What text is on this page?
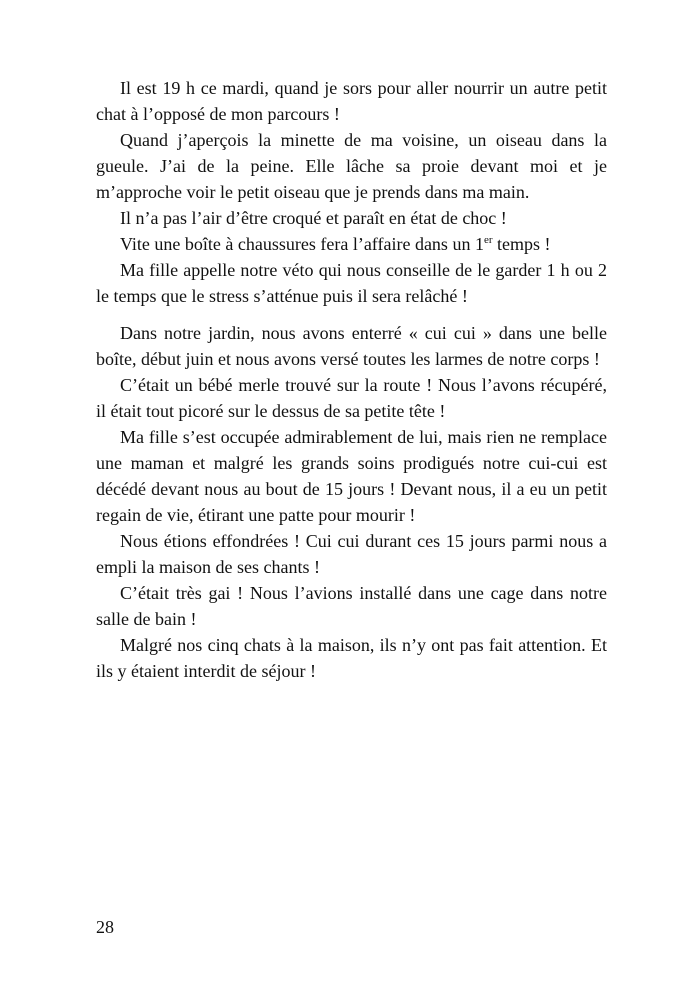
Il est 19 h ce mardi, quand je sors pour aller nourrir un autre petit chat à l’opposé de mon parcours !

Quand j’aperçois la minette de ma voisine, un oiseau dans la gueule. J’ai de la peine. Elle lâche sa proie devant moi et je m’approche voir le petit oiseau que je prends dans ma main.

Il n’a pas l’air d’être croqué et paraît en état de choc !

Vite une boîte à chaussures fera l’affaire dans un 1er temps !

Ma fille appelle notre véto qui nous conseille de le garder 1 h ou 2 le temps que le stress s’atténue puis il sera relâché !

Dans notre jardin, nous avons enterré « cui cui » dans une belle boîte, début juin et nous avons versé toutes les larmes de notre corps !

C’était un bébé merle trouvé sur la route ! Nous l’avons récupéré, il était tout picoré sur le dessus de sa petite tête !

Ma fille s’est occupée admirablement de lui, mais rien ne remplace une maman et malgré les grands soins prodigués notre cui-cui est décédé devant nous au bout de 15 jours ! Devant nous, il a eu un petit regain de vie, étirant une patte pour mourir !

Nous étions effondrées ! Cui cui durant ces 15 jours parmi nous a empli la maison de ses chants !

C’était très gai ! Nous l’avions installé dans une cage dans notre salle de bain !

Malgré nos cinq chats à la maison, ils n’y ont pas fait attention. Et ils y étaient interdit de séjour !

28
